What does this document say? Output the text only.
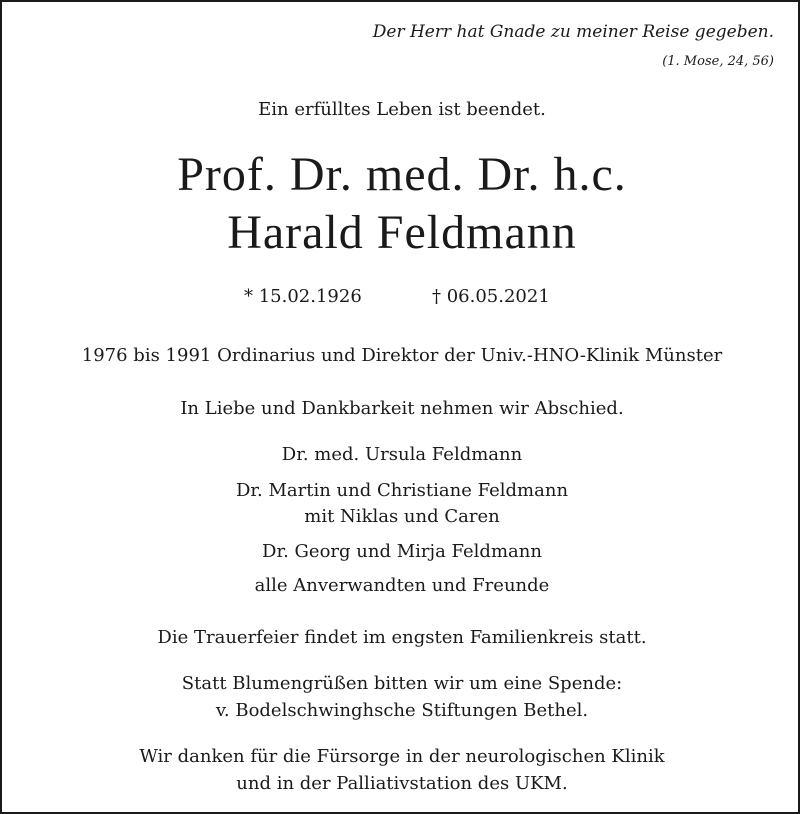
Der Herr hat Gnade zu meiner Reise gegeben.
(1. Mose, 24, 56)
Ein erfülltes Leben ist beendet.
Prof. Dr. med. Dr. h.c.
Harald Feldmann
* 15.02.1926	† 06.05.2021
1976 bis 1991 Ordinarius und Direktor der Univ.-HNO-Klinik Münster
In Liebe und Dankbarkeit nehmen wir Abschied.
Dr. med. Ursula Feldmann
Dr. Martin und Christiane Feldmann
mit Niklas und Caren
Dr. Georg und Mirja Feldmann
alle Anverwandten und Freunde
Die Trauerfeier findet im engsten Familienkreis statt.
Statt Blumengrüßen bitten wir um eine Spende:
v. Bodelschwinghsche Stiftungen Bethel.
Wir danken für die Fürsorge in der neurologischen Klinik
und in der Palliativstation des UKM.
